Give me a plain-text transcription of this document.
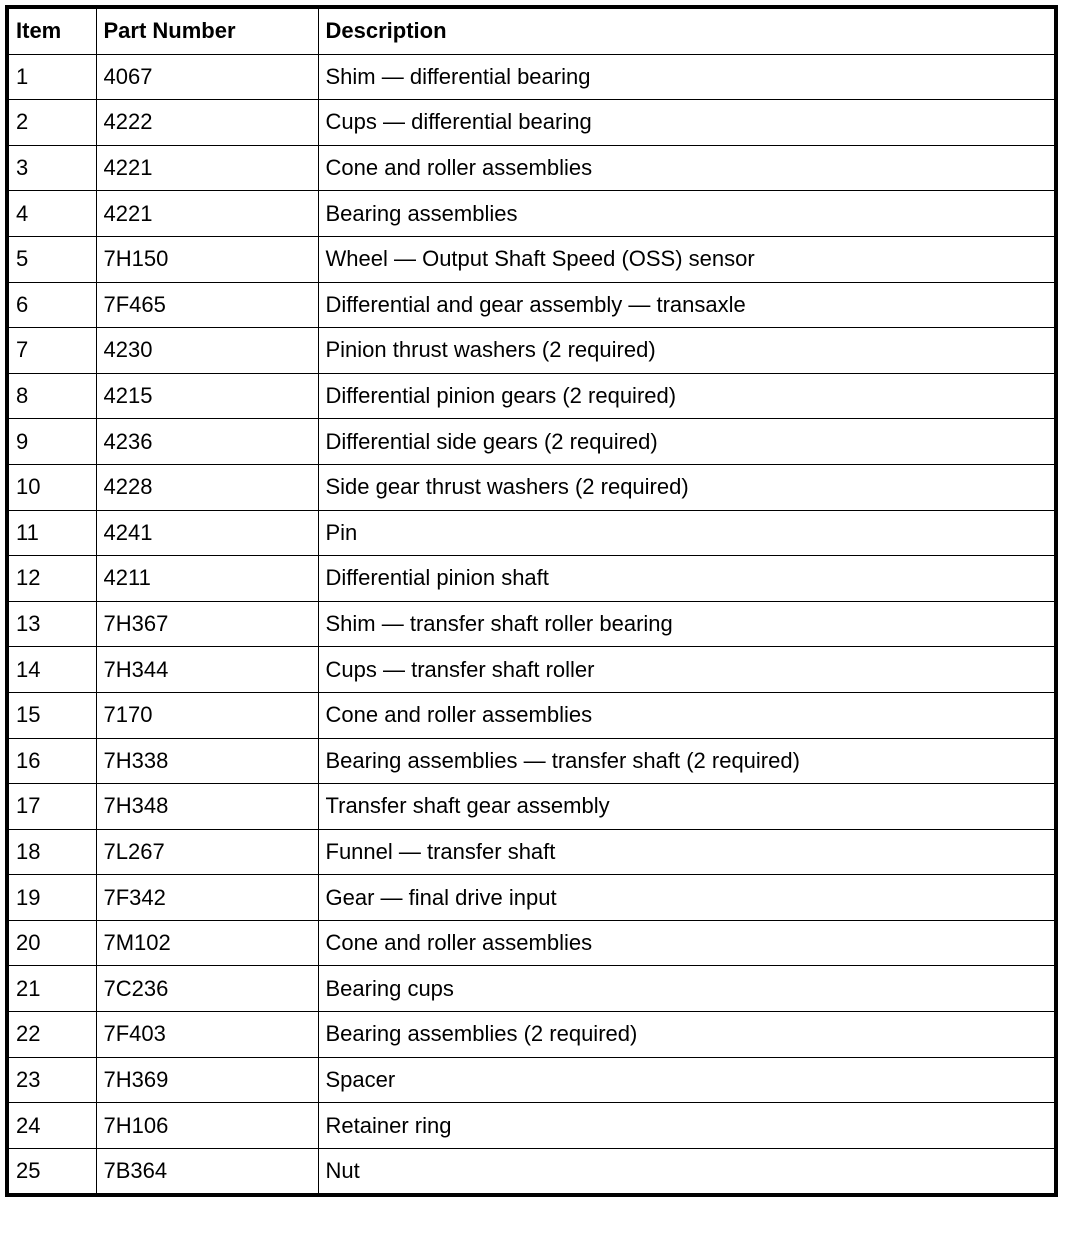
Item	Part Number	Description
1	4067	Shim — differential bearing
2	4222	Cups — differential bearing
3	4221	Cone and roller assemblies
4	4221	Bearing assemblies
5	7H150	Wheel — Output Shaft Speed (OSS) sensor
6	7F465	Differential and gear assembly — transaxle
7	4230	Pinion thrust washers (2 required)
8	4215	Differential pinion gears (2 required)
9	4236	Differential side gears (2 required)
10	4228	Side gear thrust washers (2 required)
11	4241	Pin
12	4211	Differential pinion shaft
13	7H367	Shim — transfer shaft roller bearing
14	7H344	Cups — transfer shaft roller
15	7170	Cone and roller assemblies
16	7H338	Bearing assemblies — transfer shaft (2 required)
17	7H348	Transfer shaft gear assembly
18	7L267	Funnel — transfer shaft
19	7F342	Gear — final drive input
20	7M102	Cone and roller assemblies
21	7C236	Bearing cups
22	7F403	Bearing assemblies (2 required)
23	7H369	Spacer
24	7H106	Retainer ring
25	7B364	Nut
